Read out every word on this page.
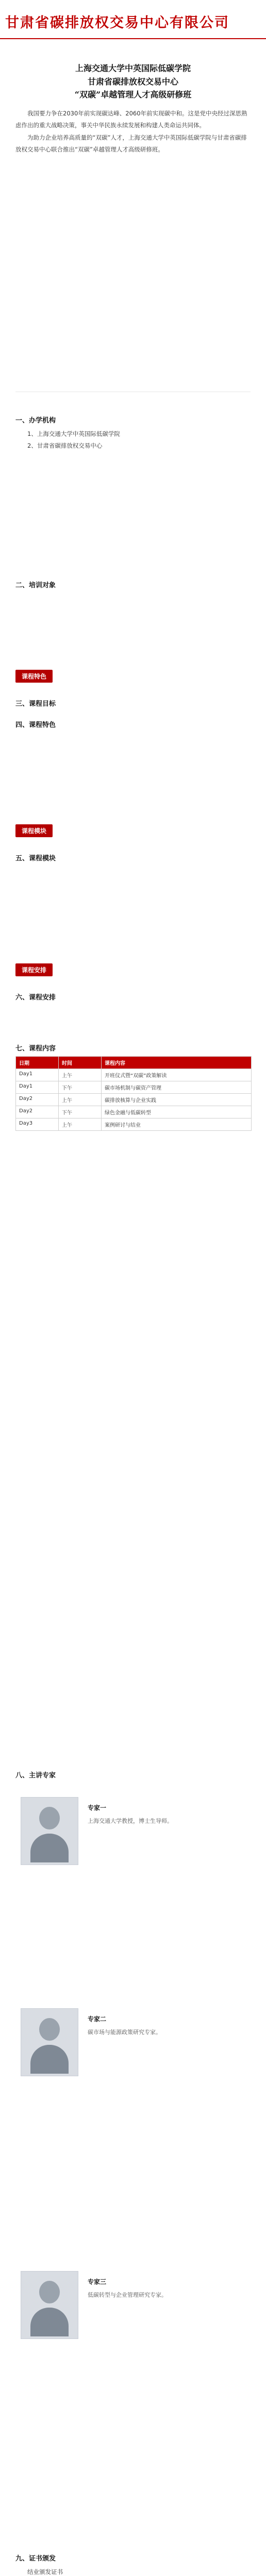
甘肃省碳排放权交易中心有限公司
上海交通大学中英国际低碳学院
甘肃省碳排放权交易中心
“双碳”卓越管理人才高级研修班
我国要力争在2030年前实现碳达峰、2060年前实现碳中和。这是党中央经过深思熟虑作出的重大战略决策，事关中华民族永续发展和构建人类命运共同体。
为助力企业培养高质量的“双碳”人才，上海交通大学中英国际低碳学院与甘肃省碳排放权交易中心联合推出“双碳”卓越管理人才高级研修班。
一、办学机构
1、上海交通大学中英国际低碳学院
2、甘肃省碳排放权交易中心
二、培训对象
课程特色
三、课程目标
四、课程特色
课程模块
五、课程模块
课程安排
六、课程安排
七、课程内容
日期	时间	课程内容
Day1	上午	开班仪式暨“双碳”政策解读
Day1	下午	碳市场机制与碳资产管理
Day2	上午	碳排放核算与企业实践
Day2	下午	绿色金融与低碳转型
Day3	上午	案例研讨与结业
八、主讲专家
专家一
上海交通大学教授，博士生导师。
专家二
碳市场与能源政策研究专家。
专家三
低碳转型与企业管理研究专家。
九、证书颁发
结业颁发证书
